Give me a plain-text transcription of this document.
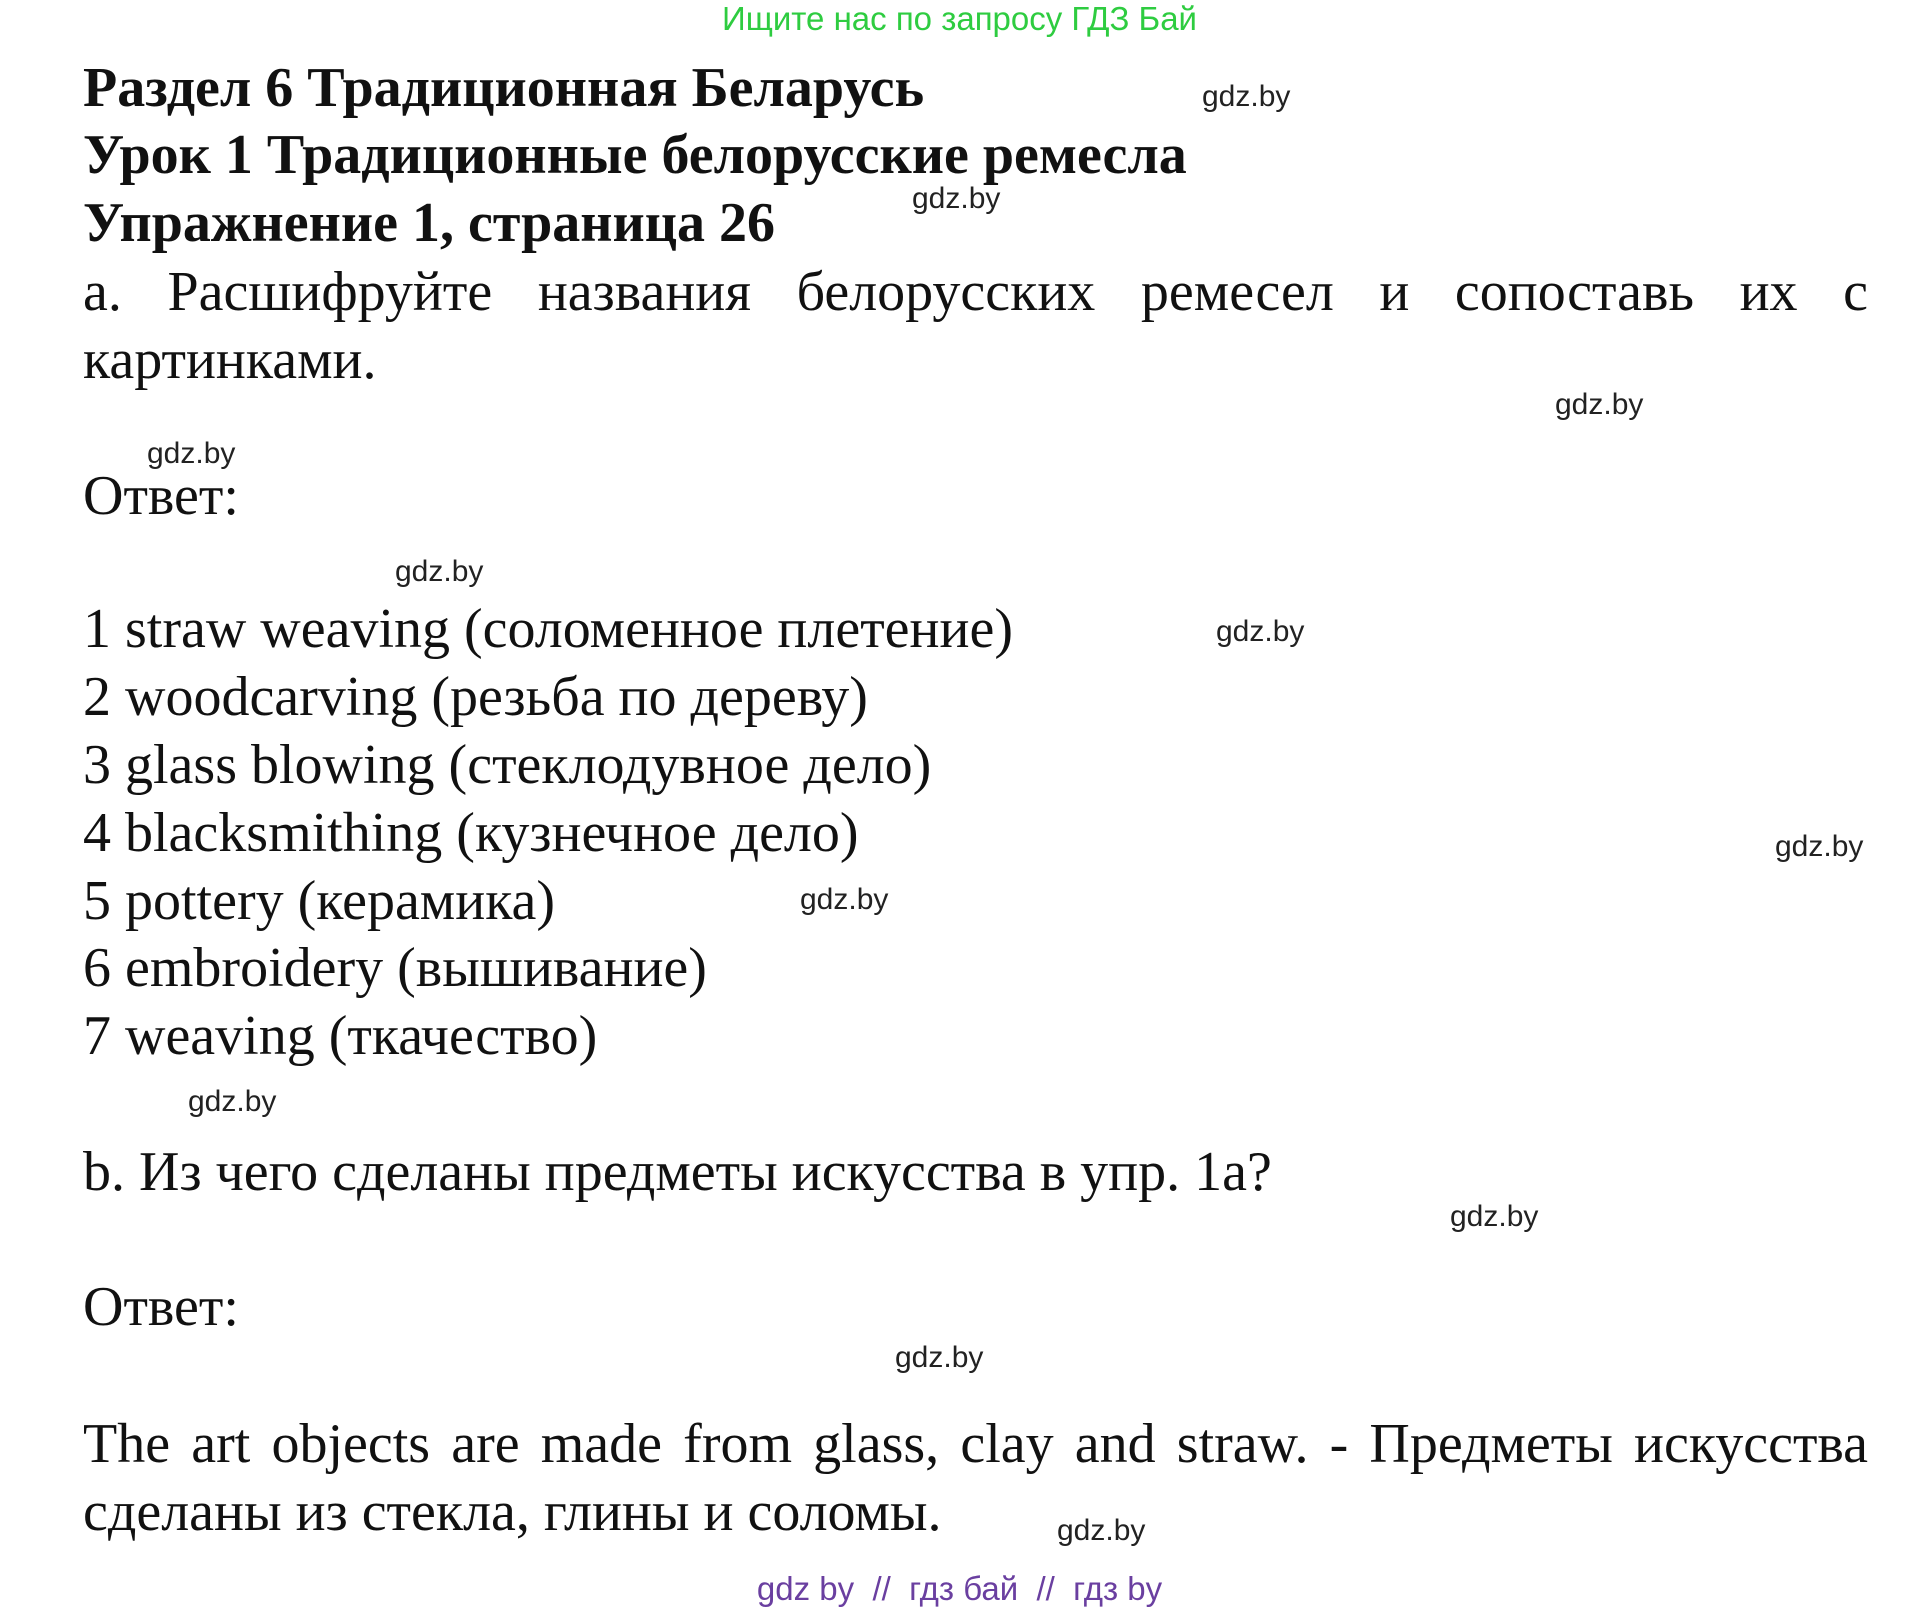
Ищите нас по запросу ГДЗ Бай
Раздел 6 Традиционная Беларусь
Урок 1 Традиционные белорусские ремесла
Упражнение 1, страница 26
a. Расшифруйте названия белорусских ремесел и сопоставь их с картинками.
Ответ:
1 straw weaving (соломенное плетение)
2 woodcarving (резьба по дереву)
3 glass blowing (стеклодувное дело)
4 blacksmithing (кузнечное дело)
5 pottery (керамика)
6 embroidery (вышивание)
7 weaving (ткачество)
b. Из чего сделаны предметы искусства в упр. 1a?
Ответ:
The art objects are made from glass, clay and straw. - Предметы искусства сделаны из стекла, глины и соломы.
gdz.by
gdz.by
gdz.by
gdz.by
gdz.by
gdz.by
gdz.by
gdz.by
gdz.by
gdz.by
gdz.by
gdz.by
gdz by  //  гдз бай  //  гдз by
